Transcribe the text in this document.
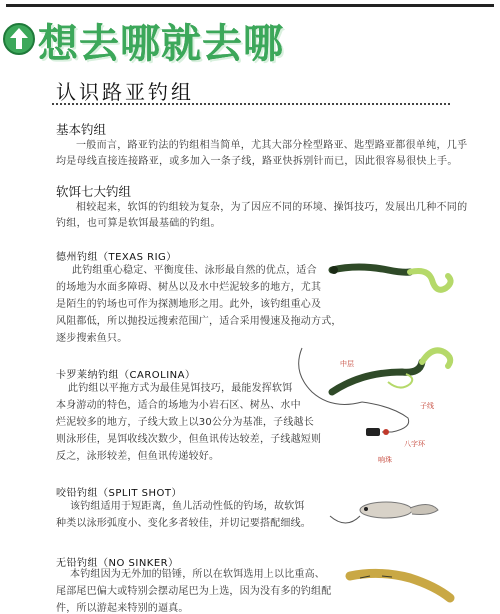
想去哪就去哪
认识路亚钓组
基本钓组
一般而言，路亚钓法的钓组相当简单，尤其大部分栓型路亚、匙型路亚都很单纯，几乎
均是母线直接连接路亚，或多加入一条子线，路亚快拆别针而已，因此很容易很快上手。
软饵七大钓组
相较起来，软饵的钓组较为复杂，为了因应不同的环境、操饵技巧，发展出几种不同的
钓组，也可算是软饵最基础的钓组。
德州钓组（TEXAS RIG）
此钓组重心稳定、平衡度佳、泳形最自然的优点，适合
的场地为水面多障碍、树丛以及水中烂泥较多的地方，尤其
是陌生的钓场也可作为探测地形之用。此外，该钓组重心及
风阻都低，所以抛投远搜索范围广，适合采用慢速及拖动方式，
逐步搜索鱼只。
卡罗莱纳钓组（CAROLINA）
此钓组以平拖方式为最佳晃饵技巧，最能发挥软饵
本身游动的特色，适合的场地为小岩石区、树丛、水中
烂泥较多的地方，子线大致上以30公分为基准，子线越长
则泳形佳，晃饵收线次数少，但鱼讯传达较差，子线越短则
反之，泳形较差，但鱼讯传递较好。
中层
子线
八字环
响珠
咬铅钓组（SPLIT SHOT）
该钓组适用于短距离，鱼儿活动性低的钓场，故软饵
种类以泳形弧度小、变化多者较佳，并切记要搭配细线。
无铅钓组（NO SINKER）
本钓组因为无外加的铅锤，所以在软饵选用上以比重高、
尾部尾巴偏大或特别会摆动尾巴为上选，因为没有多的钓组配
件，所以游起来特别的逼真。
